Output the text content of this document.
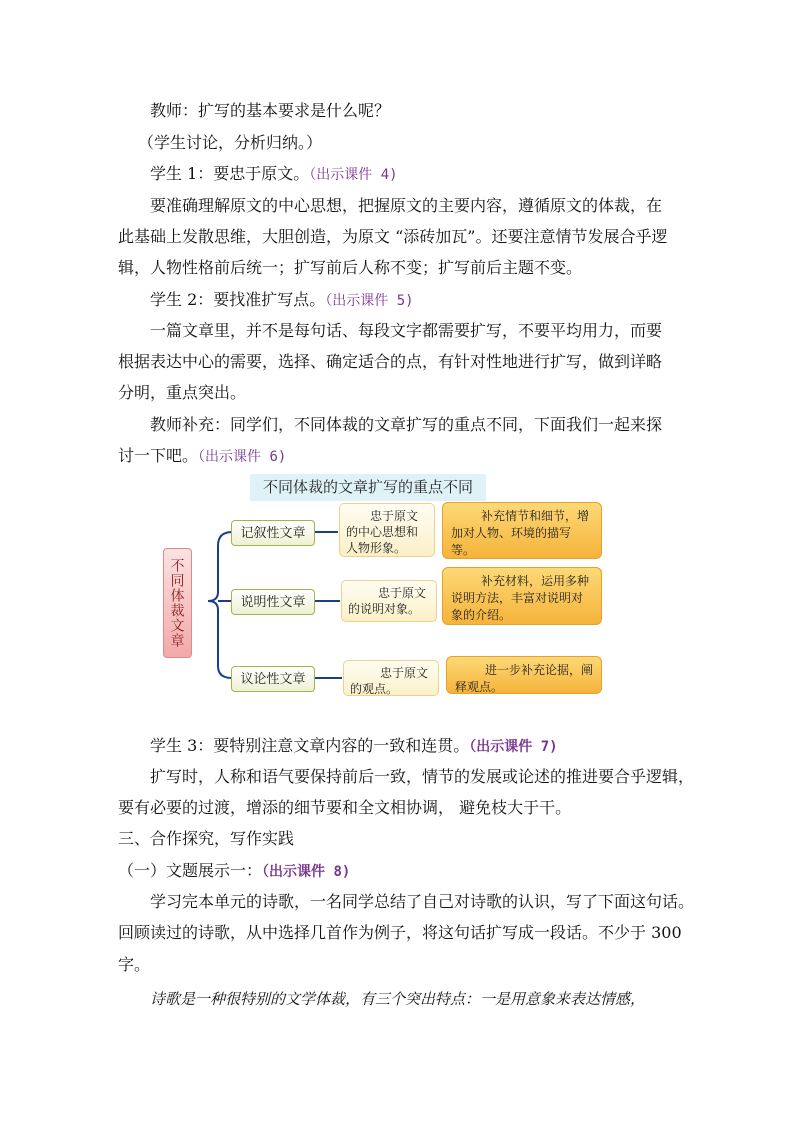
教师：扩写的基本要求是什么呢？
（学生讨论，分析归纳。）
学生 1：要忠于原文。（出示课件 4)
要准确理解原文的中心思想，把握原文的主要内容，遵循原文的体裁，在
此基础上发散思维，大胆创造，为原文 “添砖加瓦”。还要注意情节发展合乎逻
辑，人物性格前后统一；扩写前后人称不变；扩写前后主题不变。
学生 2：要找准扩写点。（出示课件 5)
一篇文章里，并不是每句话、每段文字都需要扩写，不要平均用力，而要
根据表达中心的需要，选择、确定适合的点，有针对性地进行扩写，做到详略
分明，重点突出。
教师补充：同学们，不同体裁的文章扩写的重点不同，下面我们一起来探
讨一下吧。（出示课件 6)
不同体裁的文章扩写的重点不同
不同体裁文章
记叙性文章
说明性文章
议论性文章
忠于原文的中心思想和人物形象。
忠于原文的说明对象。
忠于原文的观点。
补充情节和细节，增加对人物、环境的描写等。
补充材料，运用多种说明方法，丰富对说明对象的介绍。
进一步补充论据，阐释观点。
学生 3：要特别注意文章内容的一致和连贯。（出示课件 7)
扩写时，人称和语气要保持前后一致，情节的发展或论述的推进要合乎逻辑，
要有必要的过渡，增添的细节要和全文相协调， 避免枝大于干。
三、合作探究，写作实践
（一）文题展示一：（出示课件 8)
学习完本单元的诗歌，一名同学总结了自己对诗歌的认识，写了下面这句话。
回顾读过的诗歌，从中选择几首作为例子，将这句话扩写成一段话。不少于 300
字。
诗歌是一种很特别的文学体裁，有三个突出特点：一是用意象来表达情感，
